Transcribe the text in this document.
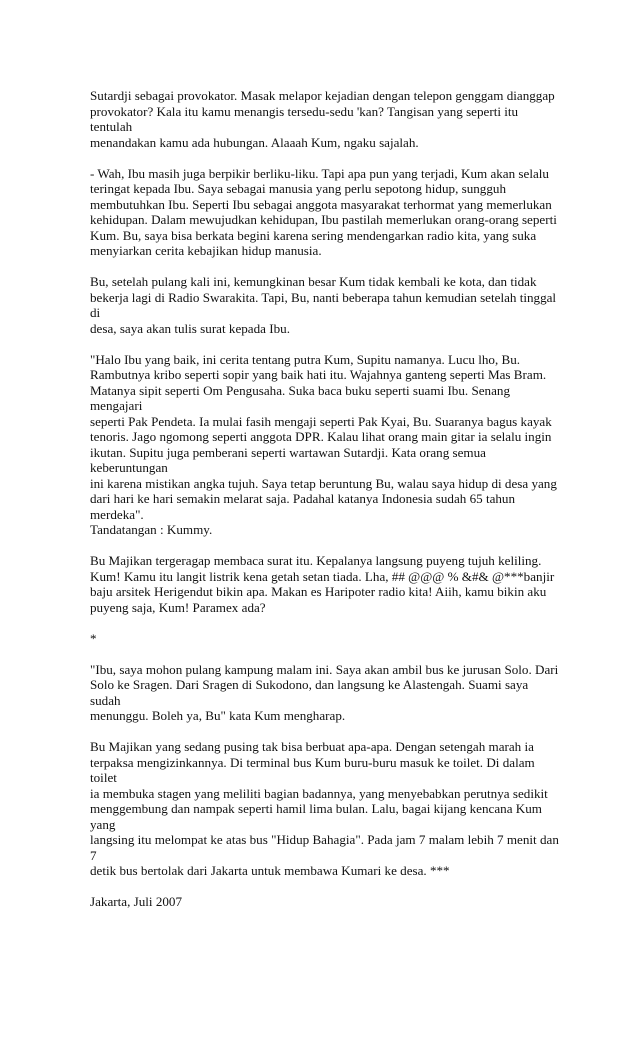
Sutardji sebagai provokator. Masak melapor kejadian dengan telepon genggam dianggap
provokator? Kala itu kamu menangis tersedu-sedu 'kan? Tangisan yang seperti itu tentulah
menandakan kamu ada hubungan. Alaaah Kum, ngaku sajalah.

- Wah, Ibu masih juga berpikir berliku-liku. Tapi apa pun yang terjadi, Kum akan selalu
teringat kepada Ibu. Saya sebagai manusia yang perlu sepotong hidup, sungguh
membutuhkan Ibu. Seperti Ibu sebagai anggota masyarakat terhormat yang memerlukan
kehidupan. Dalam mewujudkan kehidupan, Ibu pastilah memerlukan orang-orang seperti
Kum. Bu, saya bisa berkata begini karena sering mendengarkan radio kita, yang suka
menyiarkan cerita kebajikan hidup manusia.

Bu, setelah pulang kali ini, kemungkinan besar Kum tidak kembali ke kota, dan tidak
bekerja lagi di Radio Swarakita. Tapi, Bu, nanti beberapa tahun kemudian setelah tinggal di
desa, saya akan tulis surat kepada Ibu.

"Halo Ibu yang baik, ini cerita tentang putra Kum, Supitu namanya. Lucu lho, Bu.
Rambutnya kribo seperti sopir yang baik hati itu. Wajahnya ganteng seperti Mas Bram.
Matanya sipit seperti Om Pengusaha. Suka baca buku seperti suami Ibu. Senang mengajari
seperti Pak Pendeta. Ia mulai fasih mengaji seperti Pak Kyai, Bu. Suaranya bagus kayak
tenoris. Jago ngomong seperti anggota DPR. Kalau lihat orang main gitar ia selalu ingin
ikutan. Supitu juga pemberani seperti wartawan Sutardji. Kata orang semua keberuntungan
ini karena mistikan angka tujuh. Saya tetap beruntung Bu, walau saya hidup di desa yang
dari hari ke hari semakin melarat saja. Padahal katanya Indonesia sudah 65 tahun merdeka".
Tandatangan : Kummy.

Bu Majikan tergeragap membaca surat itu. Kepalanya langsung puyeng tujuh keliling.
Kum! Kamu itu langit listrik kena getah setan tiada. Lha, ## @@@ % &#& @***banjir
baju arsitek Herigendut bikin apa. Makan es Haripoter radio kita! Aiih, kamu bikin aku
puyeng saja, Kum! Paramex ada?

*

"Ibu, saya mohon pulang kampung malam ini. Saya akan ambil bus ke jurusan Solo. Dari
Solo ke Sragen. Dari Sragen di Sukodono, dan langsung ke Alastengah. Suami saya sudah
menunggu. Boleh ya, Bu" kata Kum mengharap.

Bu Majikan yang sedang pusing tak bisa berbuat apa-apa. Dengan setengah marah ia
terpaksa mengizinkannya. Di terminal bus Kum buru-buru masuk ke toilet. Di dalam toilet
ia membuka stagen yang meliliti bagian badannya, yang menyebabkan perutnya sedikit
menggembung dan nampak seperti hamil lima bulan. Lalu, bagai kijang kencana Kum yang
langsing itu melompat ke atas bus "Hidup Bahagia". Pada jam 7 malam lebih 7 menit dan 7
detik bus bertolak dari Jakarta untuk membawa Kumari ke desa. ***

Jakarta, Juli 2007
